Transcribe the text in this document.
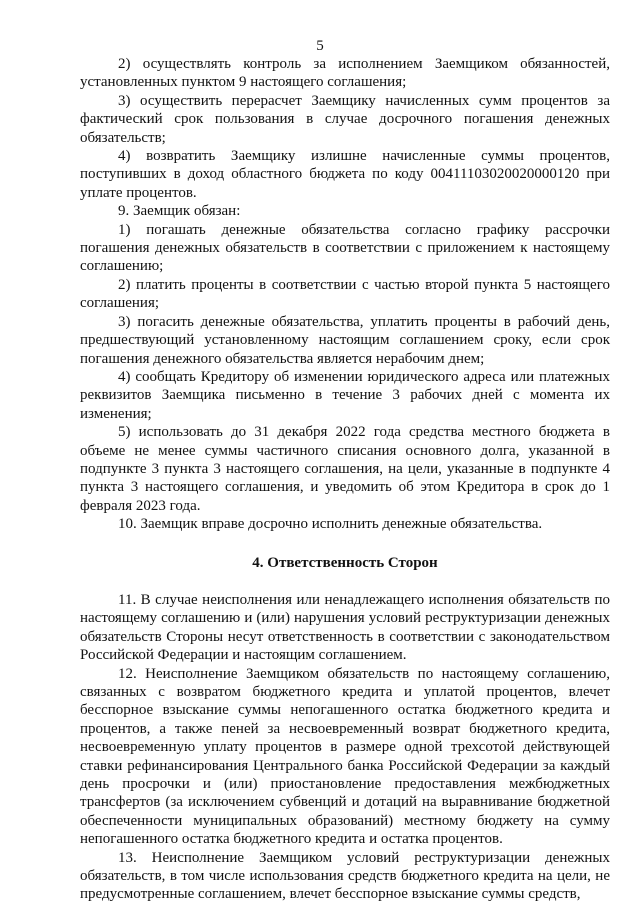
5

2) осуществлять контроль за исполнением Заемщиком обязанностей, установленных пунктом 9 настоящего соглашения;

3) осуществить перерасчет Заемщику начисленных сумм процентов за фактический срок пользования в случае досрочного погашения денежных обязательств;

4) возвратить Заемщику излишне начисленные суммы процентов, поступивших в доход областного бюджета по коду 00411103020020000120 при уплате процентов.

9. Заемщик обязан:

1) погашать денежные обязательства согласно графику рассрочки погашения денежных обязательств в соответствии с приложением к настоящему соглашению;

2) платить проценты в соответствии с частью второй пункта 5 настоящего соглашения;

3) погасить денежные обязательства, уплатить проценты в рабочий день, предшествующий установленному настоящим соглашением сроку, если срок погашения денежного обязательства является нерабочим днем;

4) сообщать Кредитору об изменении юридического адреса или платежных реквизитов Заемщика письменно в течение 3 рабочих дней с момента их изменения;

5) использовать до 31 декабря 2022 года средства местного бюджета в объеме не менее суммы частичного списания основного долга, указанной в подпункте 3 пункта 3 настоящего соглашения, на цели, указанные в подпункте 4 пункта 3 настоящего соглашения, и уведомить об этом Кредитора в срок до 1 февраля 2023 года.

10. Заемщик вправе досрочно исполнить денежные обязательства.

4. Ответственность Сторон

11. В случае неисполнения или ненадлежащего исполнения обязательств по настоящему соглашению и (или) нарушения условий реструктуризации денежных обязательств Стороны несут ответственность в соответствии с законодательством Российской Федерации и настоящим соглашением.

12. Неисполнение Заемщиком обязательств по настоящему соглашению, связанных с возвратом бюджетного кредита и уплатой процентов, влечет бесспорное взыскание суммы непогашенного остатка бюджетного кредита и процентов, а также пеней за несвоевременный возврат бюджетного кредита, несвоевременную уплату процентов в размере одной трехсотой действующей ставки рефинансирования Центрального банка Российской Федерации за каждый день просрочки и (или) приостановление предоставления межбюджетных трансфертов (за исключением субвенций и дотаций на выравнивание бюджетной обеспеченности муниципальных образований) местному бюджету на сумму непогашенного остатка бюджетного кредита и остатка процентов.

13. Неисполнение Заемщиком условий реструктуризации денежных обязательств, в том числе использования средств бюджетного кредита на цели, не предусмотренные соглашением, влечет бесспорное взыскание суммы средств,
